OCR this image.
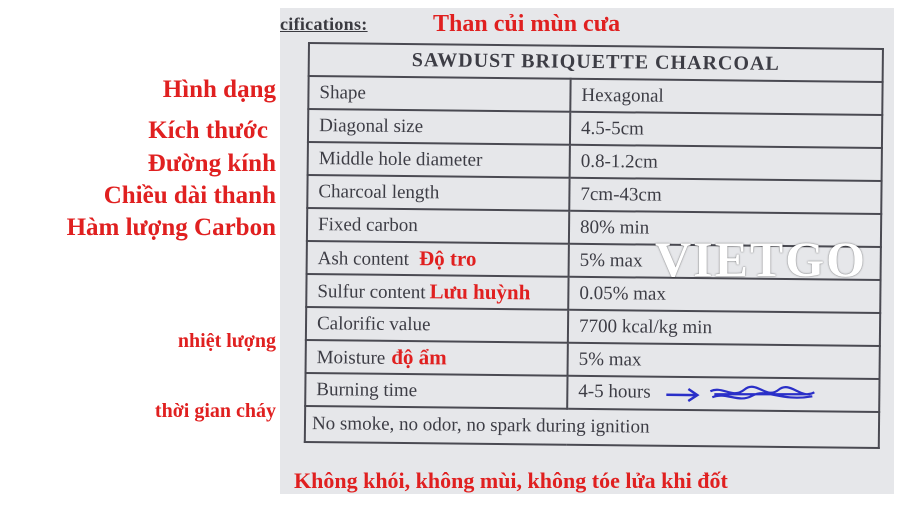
cifications:	Than củi mùn cưa
SAWDUST BRIQUETTE CHARCOAL	
Shape	Hexagonal
Diagonal size	4.5-5cm
Middle hole diameter	0.8-1.2cm
Charcoal length	7cm-43cm
Fixed carbon	80% min
Ash content Độ tro	5% max
Sulfur content Lưu huỳnh	0.05% max
Calorific value	7700 kcal/kg min
Moisture độ ẩm	5% max
Burning time	4-5 hours
No smoke, no odor, no spark during ignition	
VIETGO
Hình dạng
Kích thước
Đường kính
Chiều dài thanh
Hàm lượng Carbon
nhiệt lượng
thời gian cháy
Không khói, không mùi, không tóe lửa khi đốt
